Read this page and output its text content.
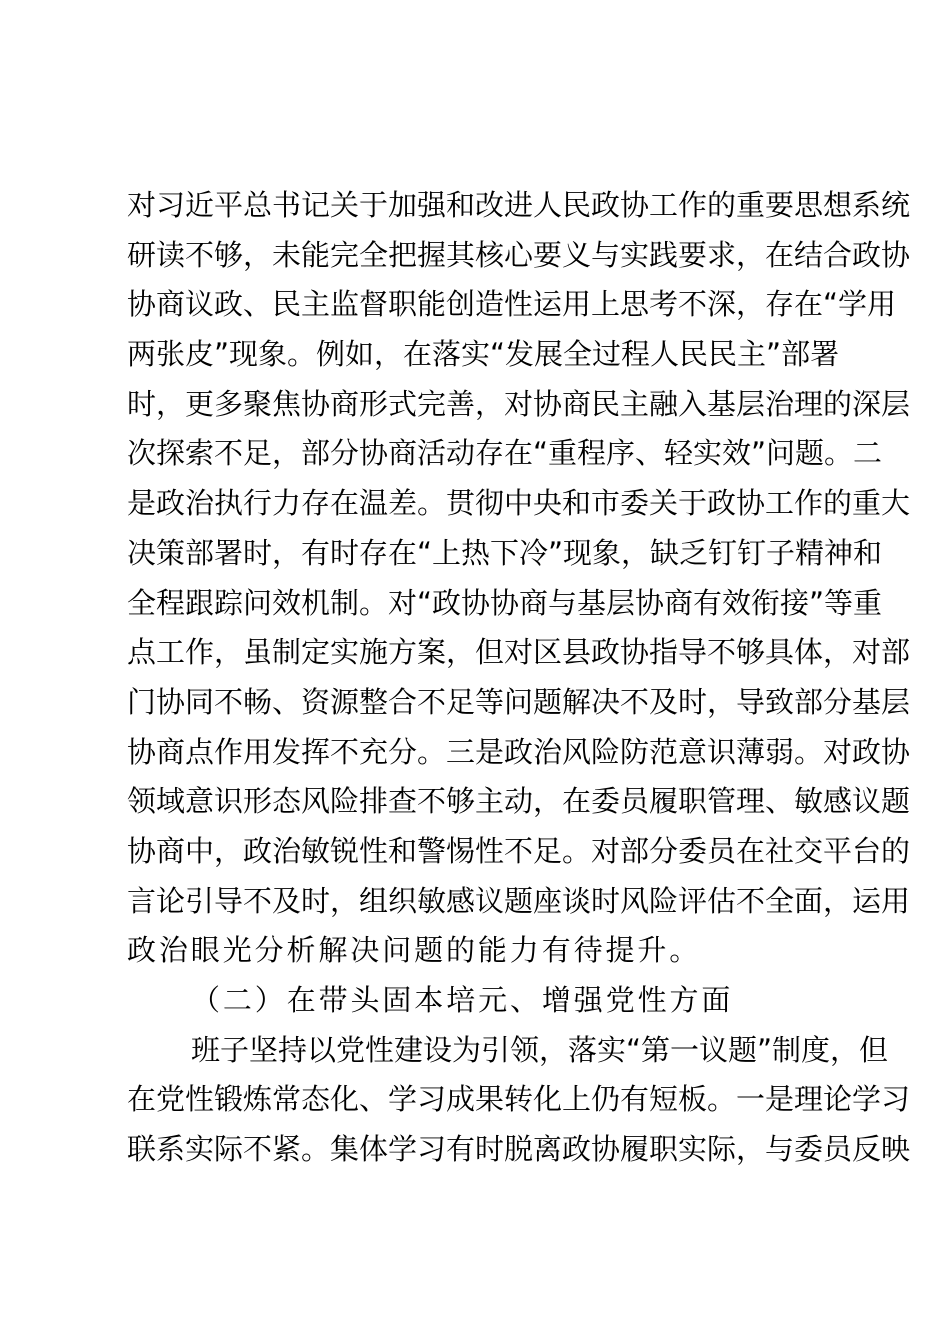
对习近平总书记关于加强和改进人民政协工作的重要思想系统
研读不够，未能完全把握其核心要义与实践要求，在结合政协
协商议政、民主监督职能创造性运用上思考不深，存在“学用
两张皮”现象。例如，在落实“发展全过程人民民主”部署
时，更多聚焦协商形式完善，对协商民主融入基层治理的深层
次探索不足，部分协商活动存在“重程序、轻实效”问题。二
是政治执行力存在温差。贯彻中央和市委关于政协工作的重大
决策部署时，有时存在“上热下冷”现象，缺乏钉钉子精神和
全程跟踪问效机制。对“政协协商与基层协商有效衔接”等重
点工作，虽制定实施方案，但对区县政协指导不够具体，对部
门协同不畅、资源整合不足等问题解决不及时，导致部分基层
协商点作用发挥不充分。三是政治风险防范意识薄弱。对政协
领域意识形态风险排查不够主动，在委员履职管理、敏感议题
协商中，政治敏锐性和警惕性不足。对部分委员在社交平台的
言论引导不及时，组织敏感议题座谈时风险评估不全面，运用
政治眼光分析解决问题的能力有待提升。
（二）在带头固本培元、增强党性方面
班子坚持以党性建设为引领，落实“第一议题”制度，但
在党性锻炼常态化、学习成果转化上仍有短板。一是理论学习
联系实际不紧。集体学习有时脱离政协履职实际，与委员反映
